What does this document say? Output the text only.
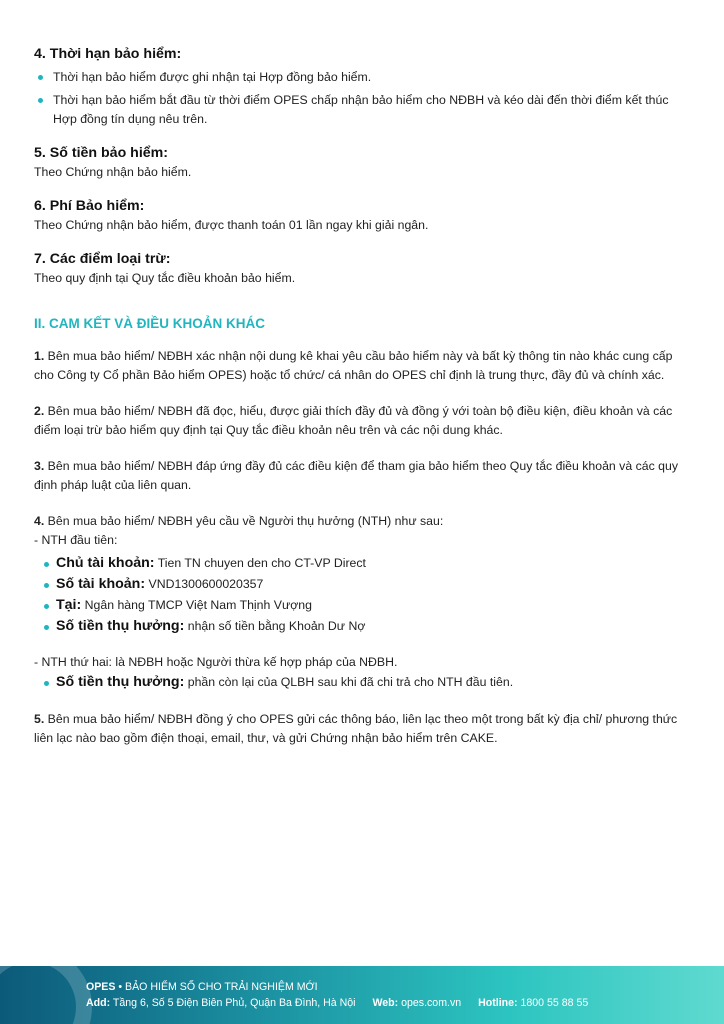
4. Thời hạn bảo hiểm:
Thời hạn bảo hiểm được ghi nhận tại Hợp đồng bảo hiểm.
Thời hạn bảo hiểm bắt đầu từ thời điểm OPES chấp nhận bảo hiểm cho NĐBH và kéo dài đến thời điểm kết thúc Hợp đồng tín dụng nêu trên.
5. Số tiền bảo hiểm:

Theo Chứng nhận bảo hiểm.

6. Phí Bảo hiểm:

Theo Chứng nhận bảo hiểm, được thanh toán 01 lần ngay khi giải ngân.

7. Các điểm loại trừ:

Theo quy định tại Quy tắc điều khoản bảo hiểm.

II. CAM KẾT VÀ ĐIỀU KHOẢN KHÁC
1. Bên mua bảo hiểm/ NĐBH xác nhận nội dung kê khai yêu cầu bảo hiểm này và bất kỳ thông tin nào khác cung cấp cho Công ty Cổ phần Bảo hiểm OPES) hoặc tổ chức/ cá nhân do OPES chỉ định là trung thực, đầy đủ và chính xác.
2. Bên mua bảo hiểm/ NĐBH đã đọc, hiểu, được giải thích đầy đủ và đồng ý với toàn bộ điều kiện, điều khoản và các điểm loại trừ bảo hiểm quy định tại Quy tắc điều khoản nêu trên và các nội dung khác.
3. Bên mua bảo hiểm/ NĐBH đáp ứng đầy đủ các điều kiện để tham gia bảo hiểm theo Quy tắc điều khoản và các quy định pháp luật của liên quan.
4. Bên mua bảo hiểm/ NĐBH yêu cầu về Người thụ hưởng (NTH) như sau:
- NTH đầu tiên:
Chủ tài khoản: Tien TN chuyen den cho CT-VP Direct
Số tài khoản: VND1300600020357
Tại: Ngân hàng TMCP Việt Nam Thịnh Vượng
Số tiền thụ hưởng: nhận số tiền bằng Khoản Dư Nợ
- NTH thứ hai: là NĐBH hoặc Người thừa kế hợp pháp của NĐBH.
Số tiền thụ hưởng: phần còn lại của QLBH sau khi đã chi trả cho NTH đầu tiên.
5. Bên mua bảo hiểm/ NĐBH đồng ý cho OPES gửi các thông báo, liên lạc theo một trong bất kỳ địa chỉ/ phương thức liên lạc nào bao gồm điện thoại, email, thư, và gửi Chứng nhận bảo hiểm trên CAKE.
OPES • BẢO HIỂM SỐ CHO TRẢI NGHIỆM MỚI
Add: Tầng 6, Số 5 Điện Biên Phủ, Quận Ba Đình, Hà Nội Web: opes.com.vn Hotline: 1800 55 88 55
